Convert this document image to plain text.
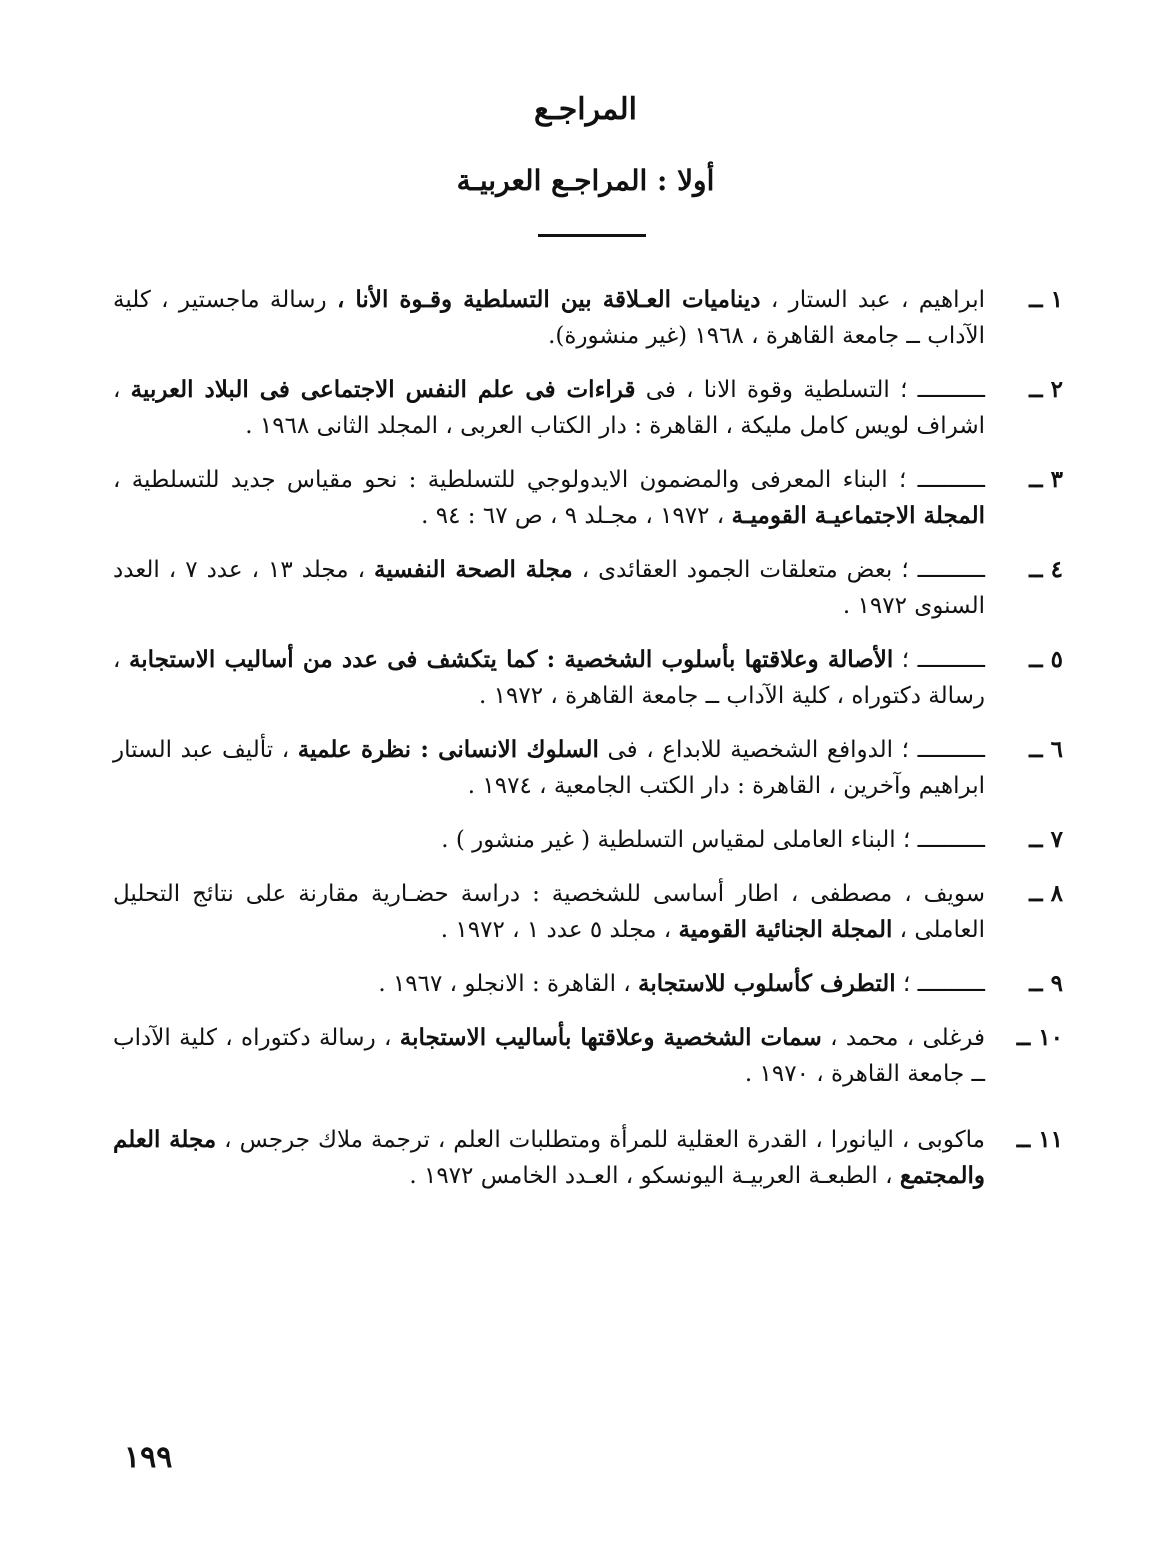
المراجـع
أولا : المراجـع العربيـة
١ ــ
ابراهيم ، عبد الستار ، ديناميات العـلاقة بين التسلطية وقـوة الأنا ، رسالة ماجستير ، كلية الآداب ــ جامعة القاهرة ، ١٩٦٨ (غير منشورة).
٢ ــ
ــــــــــ ؛ التسلطية وقوة الانا ، فى قراءات فى علم النفس الاجتماعى فى البلاد العربية ، اشراف لويس كامل مليكة ، القاهرة : دار الكتاب العربى ، المجلد الثانى ١٩٦٨ .
٣ ــ
ــــــــــ ؛ البناء المعرفى والمضمون الايدولوجي للتسلطية : نحو مقياس جديد للتسلطية ، المجلة الاجتماعيـة القوميـة ، ١٩٧٢ ، مجـلد ٩ ، ص ٦٧ : ٩٤ .
٤ ــ
ــــــــــ ؛ بعض متعلقات الجمود العقائدى ، مجلة الصحة النفسية ، مجلد ١٣ ، عدد ٧ ، العدد السنوى ١٩٧٢ .
٥ ــ
ــــــــــ ؛ الأصالة وعلاقتها بأسلوب الشخصية : كما يتكشف فى عدد من أساليب الاستجابة ، رسالة دكتوراه ، كلية الآداب ــ جامعة القاهرة ، ١٩٧٢ .
٦ ــ
ــــــــــ ؛ الدوافع الشخصية للابداع ، فى السلوك الانسانى : نظرة علمية ، تأليف عبد الستار ابراهيم وآخرين ، القاهرة : دار الكتب الجامعية ، ١٩٧٤ .
٧ ــ
ــــــــــ ؛ البناء العاملى لمقياس التسلطية ( غير منشور ) .
٨ ــ
سويف ، مصطفى ، اطار أساسى للشخصية : دراسة حضـارية مقارنة على نتائج التحليل العاملى ، المجلة الجنائية القومية ، مجلد ٥ عدد ١ ، ١٩٧٢ .
٩ ــ
ــــــــــ ؛ التطرف كأسلوب للاستجابة ، القاهرة : الانجلو ، ١٩٦٧ .
١٠ ــ
فرغلى ، محمد ، سمات الشخصية وعلاقتها بأساليب الاستجابة ، رسالة دكتوراه ، كلية الآداب ــ جامعة القاهرة ، ١٩٧٠ .
١١ ــ
ماكوبى ، اليانورا ، القدرة العقلية للمرأة ومتطلبات العلم ، ترجمة ملاك جرجس ، مجلة العلم والمجتمع ، الطبعـة العربيـة اليونسكو ، العـدد الخامس ١٩٧٢ .
١٩٩
